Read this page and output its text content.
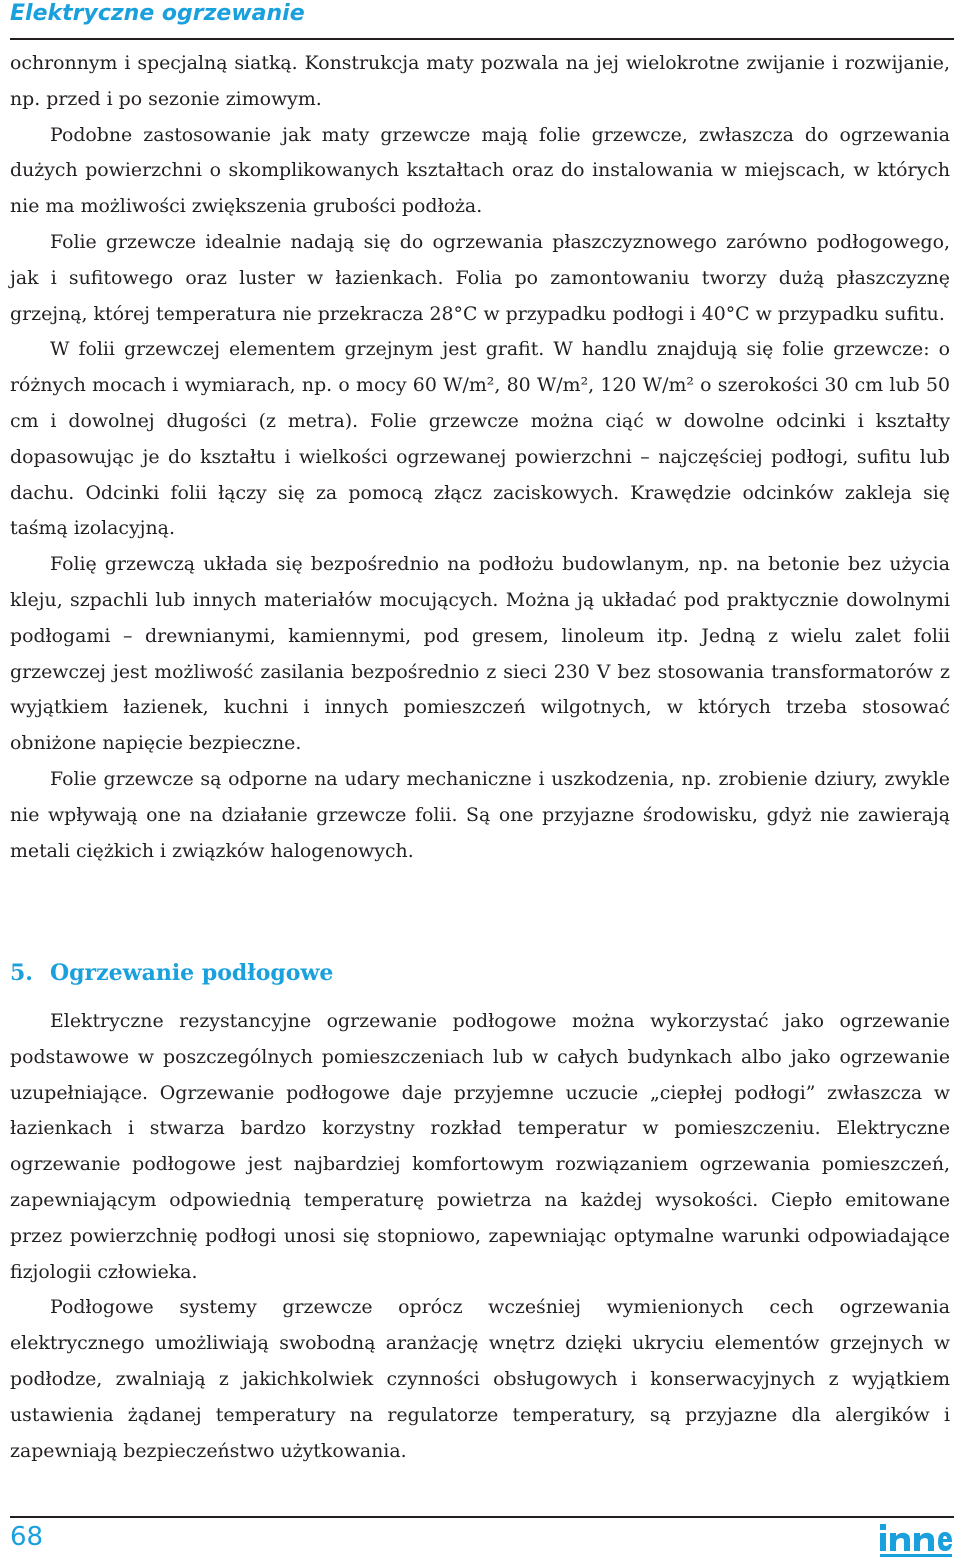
Elektryczne ogrzewanie

ochronnym i specjalną siatką. Konstrukcja maty pozwala na jej wielokrotne zwijanie i rozwijanie, np. przed i po sezonie zimowym.

Podobne zastosowanie jak maty grzewcze mają folie grzewcze, zwłaszcza do ogrzewania dużych powierzchni o skomplikowanych kształtach oraz do instalowania w miejscach, w których nie ma możliwości zwiększenia grubości podłoża.

Folie grzewcze idealnie nadają się do ogrzewania płaszczyznowego zarówno podłogowego, jak i sufitowego oraz luster w łazienkach. Folia po zamontowaniu tworzy dużą płaszczyznę grzejną, której temperatura nie przekracza 28°C w przypadku podłogi i 40°C w przypadku sufitu.

W folii grzewczej elementem grzejnym jest grafit. W handlu znajdują się folie grzewcze: o różnych mocach i wymiarach, np. o mocy 60 W/m², 80 W/m², 120 W/m² o szerokości 30 cm lub 50 cm i dowolnej długości (z metra). Folie grzewcze można ciąć w dowolne odcinki i kształty dopasowując je do kształtu i wielkości ogrzewanej powierzchni – najczęściej podłogi, sufitu lub dachu. Odcinki folii łączy się za pomocą złącz zaciskowych. Krawędzie odcinków zakleja się taśmą izolacyjną.

Folię grzewczą układa się bezpośrednio na podłożu budowlanym, np. na betonie bez użycia kleju, szpachli lub innych materiałów mocujących. Można ją układać pod praktycznie dowolnymi podłogami – drewnianymi, kamiennymi, pod gresem, linoleum itp. Jedną z wielu zalet folii grzewczej jest możliwość zasilania bezpośrednio z sieci 230 V bez stosowania transformatorów z wyjątkiem łazienek, kuchni i innych pomieszczeń wilgotnych, w których trzeba stosować obniżone napięcie bezpieczne.

Folie grzewcze są odporne na udary mechaniczne i uszkodzenia, np. zrobienie dziury, zwykle nie wpływają one na działanie grzewcze folii. Są one przyjazne środowisku, gdyż nie zawierają metali ciężkich i związków halogenowych.

5. Ogrzewanie podłogowe

Elektryczne rezystancyjne ogrzewanie podłogowe można wykorzystać jako ogrzewanie podstawowe w poszczególnych pomieszczeniach lub w całych budynkach albo jako ogrzewanie uzupełniające. Ogrzewanie podłogowe daje przyjemne uczucie „ciepłej podłogi” zwłaszcza w łazienkach i stwarza bardzo korzystny rozkład temperatur w pomieszczeniu. Elektryczne ogrzewanie podłogowe jest najbardziej komfortowym rozwiązaniem ogrzewania pomieszczeń, zapewniającym odpowiednią temperaturę powietrza na każdej wysokości. Ciepło emitowane przez powierzchnię podłogi unosi się stopniowo, zapewniając optymalne warunki odpowiadające fizjologii człowieka.

Podłogowe systemy grzewcze oprócz wcześniej wymienionych cech ogrzewania elektrycznego umożliwiają swobodną aranżację wnętrz dzięki ukryciu elementów grzejnych w podłodze, zwalniają z jakichkolwiek czynności obsługowych i konserwacyjnych z wyjątkiem ustawienia żądanej temperatury na regulatorze temperatury, są przyjazne dla alergików i zapewniają bezpieczeństwo użytkowania.

68
